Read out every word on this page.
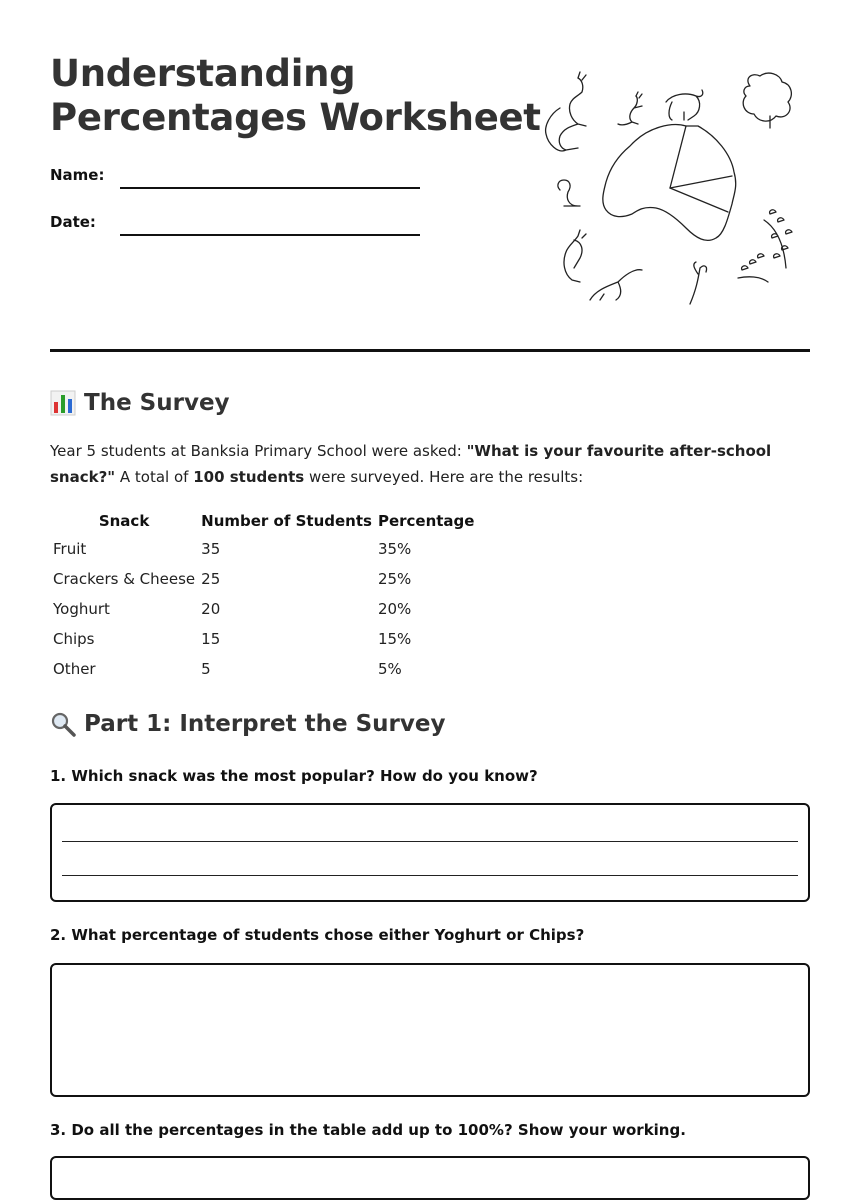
Understanding
Percentages Worksheet
Name:
Date:
The Survey

Year 5 students at Banksia Primary School were asked: "What is your favourite after-school snack?" A total of 100 students were surveyed. Here are the results:

Snack	Number of Students	Percentage
Fruit	35	35%
Crackers & Cheese	25	25%
Yoghurt	20	20%
Chips	15	15%
Other	5	5%
Part 1: Interpret the Survey

1. Which snack was the most popular? How do you know?

2. What percentage of students chose either Yoghurt or Chips?

3. Do all the percentages in the table add up to 100%? Show your working.
